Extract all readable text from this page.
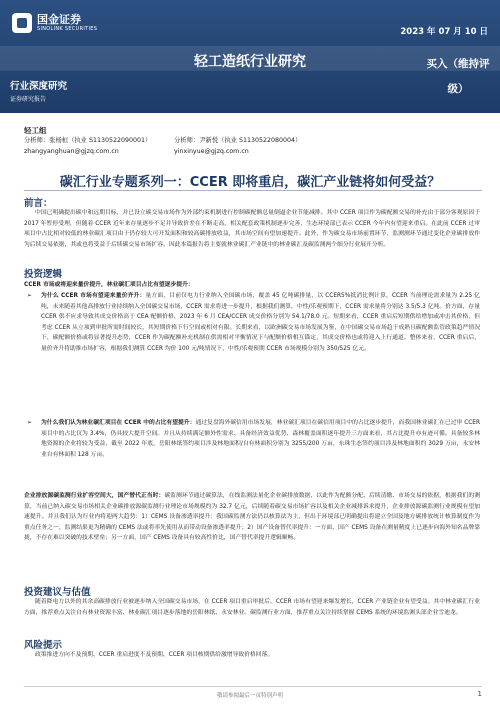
国金证券
SINOLINK SECURITIES	2023 年 07 月 10 日
轻工造纸行业研究
行业深度研究
证券研究报告
买入（维持评级）
轻工组
分析师：张杨桓（执业 S1130522090001）
zhangyanghuan@gjzq.com.cn
分析师：尹新悦（执业 S1130522080004）
yinxinyue@gjzq.com.cn
碳汇行业专题系列一：CCER 即将重启，碳汇产业链将如何受益？
前言：

中国已明确提出碳中和远期目标，并已设立碳交易市场作为外部约束机制进行控制碳配额总量倒逼企业节能减排。其中 CCER 项目作为碳配额交易的补充由于部分客观原因于 2017 年暂停受理，但随着 CCER 近年来存量逐步不足并导致价差在不断走高，相关配套政策机制逐步完善，生态环境部已表示 CCER 今年内有望迎来重启。在此前 CCER 过审项目中占比相对较低的林业碳汇项目由于仍存较大可开发面积和较高碳排放收益，其市场空间有望加速提升。此外，作为碳交易市场前置环节，监测测环节通过变化企业碳排放作为后续交易依据，其或也将受益于后续碳交易市场扩容。因此本篇报告将主要就林业碳汇产业链中的林业碳汇及碳监测两个细分行业展开分析。

投资逻辑

CCER 市场或将迎来量价提升，林业碳汇项目占比有望逐步提升：

➢ 为什么 CCER 市场有望迎来量价齐升：量方面，目前仅电力行业纳入全国碳市场，覆盖 45 亿吨碳排量，以 CCER5%抵消比例计算，CCER 当前理论需求量为 2.25 亿吨，未来随着其他高排放行业持续纳入全国碳交易市场，CCER 需求将进一步提升，根据我们测算，中性/乐观预期下，CCER 需求量将分别达 3.5/5.3 亿吨。价方面，存量 CCER 供不应求导致其成交价格高于 CEA 配额价格，2023 年 6 月 CEA/CCER 成交价格分别为 54.1/78.0 元。短期来看，CCER 重启后短期供给增加或冲击其价格，但考虑 CCER 从立项到审批所需时间较长，其短期价格下行空间或相对有限。长期来看，以欧洲碳交易市场发展为鉴，在中国碳交易市场趋于成熟且碳配额监管政策趋严情况下，碳配额价格或将显著提升态势，CCER 作为碳配额补充机制在供需相对平衡情况下与配额价格相互锚定，其成交价格也或将迎入上行通道。整体来看，CCER 重启后，量价齐升将助推市场扩容，根据我们测算 CCER 均价 100 元/吨情况下，中性/乐观预期 CCER 市场规模分别为 350/525 亿元。

➢ 为什么我们认为林业碳汇项目在 CCER 中的占比有望提升：通过复盘海外碳信用市场发展，林业碳汇项目在碳信用项目中的占比逐步提升，而我国林业碳汇在已过审 CCER 项目中的占比仅为 3.4%，仍具较大提升空间。并且从持续满足额外性需求、具备经济效益优势、森林覆盖面积逐年提升三方面来看，其占比提升亦有迹可循。具备较多林地资源的企业将较为受益，截至 2022 年底，岳阳林纸签约项目涉及林地面积/自有林面积分别为 3255/200 万亩，东珠生态签约项目涉及林地面积约 3029 万亩，永安林业自有林面积 128 万亩。

企业排放源碳监测行业扩容空间大，国产替代正当时：碳监测环节通过碳算法，在线监测法量化企业碳排放数据，以此作为配额分配、后续清缴、市场交易的依据，根据我们的测算，当前已纳入碳交易市场相关企业碳排放源碳监测行业理论市场规模约为 32.7 亿元，后续随着碳交易市场扩容以及相关企业减排诉求提升，企业排放源碳监测行业规模有望加速提升。并且我们认为行业内将迎两大趋势：1）CEMS 设备渗透率提升：我国碳监测方法仍以核算法为主，但出于环境部已明确提出将建立全国及地方碳排放统计核算制度作为重点任务之一，监测结果更为精确的 CEMS 法或将率先使用从而带动设备渗透率提升；2）国产设备替代率提升：一方面，国产 CEMS 设备在测量精度上已逐步向海外知名品牌靠拢，不存在难以突破的技术壁垒；另一方面，国产 CEMS 设备具有较高性价比，国产替代率提升逻辑顺畅。

投资建议与估值

随着降电力以外的其余高碳排放行业被逐步纳入全国碳交易市场，在 CCER 项目重启审批后，CCER 市场有望迎来爆发增长，CCER 产业链企业有望受益。其中林业碳汇行业方面，推荐重点关注自有林业资源丰富、林业碳汇项目逐步落地的岳阳林纸、永安林业。碳监测行业方面，推荐重点关注持续掌握 CEMS 系统的环境监测头部企业雪迪龙。

风险提示

政策推进方向不及预期、CCER 重启进度不及预期、CCER 项目核期供给激增导致价格回落。

敬请参阅最后一页特别声明	1
